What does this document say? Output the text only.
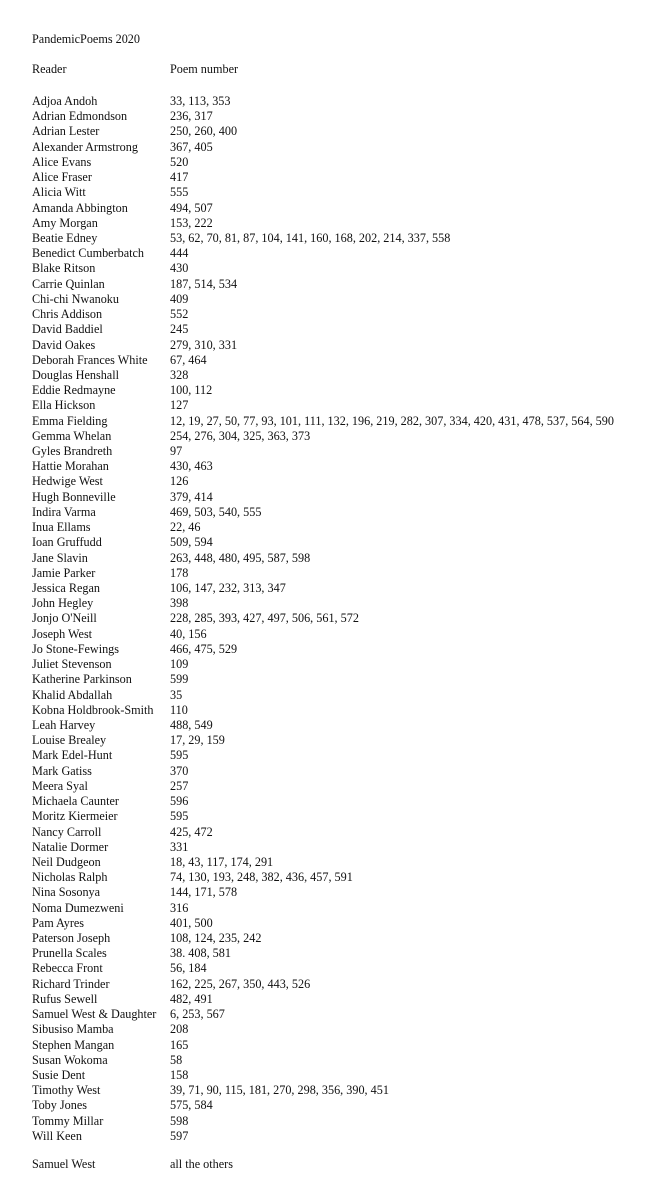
PandemicPoems 2020
Reader	Poem number
Adjoa Andoh	33, 113, 353
Adrian Edmondson	236, 317
Adrian Lester	250, 260, 400
Alexander Armstrong	367, 405
Alice Evans	520
Alice Fraser	417
Alicia Witt	555
Amanda Abbington	494, 507
Amy Morgan	153, 222
Beatie Edney	53, 62, 70, 81, 87, 104, 141, 160, 168, 202, 214, 337, 558
Benedict Cumberbatch	444
Blake Ritson	430
Carrie Quinlan	187, 514, 534
Chi-chi Nwanoku	409
Chris Addison	552
David Baddiel	245
David Oakes	279, 310, 331
Deborah Frances White	67, 464
Douglas Henshall	328
Eddie Redmayne	100, 112
Ella Hickson	127
Emma Fielding	12, 19, 27, 50, 77, 93, 101, 111, 132, 196, 219, 282, 307, 334, 420, 431, 478, 537, 564, 590
Gemma Whelan	254, 276, 304, 325, 363, 373
Gyles Brandreth	97
Hattie Morahan	430, 463
Hedwige West	126
Hugh Bonneville	379, 414
Indira Varma	469, 503, 540, 555
Inua Ellams	22, 46
Ioan Gruffudd	509, 594
Jane Slavin	263, 448, 480, 495, 587, 598
Jamie Parker	178
Jessica Regan	106, 147, 232, 313, 347
John Hegley	398
Jonjo O'Neill	228, 285, 393, 427, 497, 506, 561, 572
Joseph West	40, 156
Jo Stone-Fewings	466, 475, 529
Juliet Stevenson	109
Katherine Parkinson	599
Khalid Abdallah	35
Kobna Holdbrook-Smith	110
Leah Harvey	488, 549
Louise Brealey	17, 29, 159
Mark Edel-Hunt	595
Mark Gatiss	370
Meera Syal	257
Michaela Caunter	596
Moritz Kiermeier	595
Nancy Carroll	425, 472
Natalie Dormer	331
Neil Dudgeon	18, 43, 117, 174, 291
Nicholas Ralph	74, 130, 193, 248, 382, 436, 457, 591
Nina Sosonya	144, 171, 578
Noma Dumezweni	316
Pam Ayres	401, 500
Paterson Joseph	108, 124, 235, 242
Prunella Scales	38. 408, 581
Rebecca Front	56, 184
Richard Trinder	162, 225, 267, 350, 443, 526
Rufus Sewell	482, 491
Samuel West & Daughter	6, 253, 567
Sibusiso Mamba	208
Stephen Mangan	165
Susan Wokoma	58
Susie Dent	158
Timothy West	39, 71, 90, 115, 181, 270, 298, 356, 390, 451
Toby Jones	575, 584
Tommy Millar	598
Will Keen	597
Samuel West	all the others
